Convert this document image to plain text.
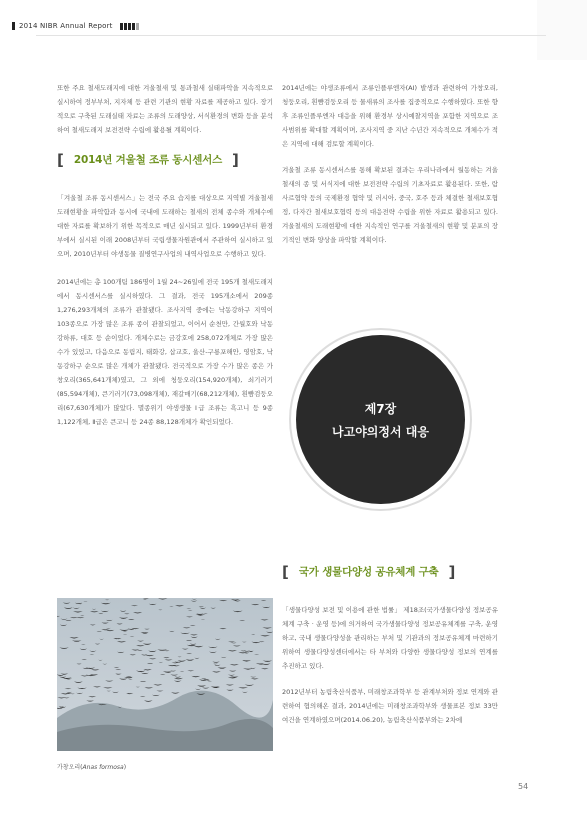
2014 NIBR Annual Report

또한 주요 철새도래지에 대한 겨울철새 및 통과철새 실태파악을 지속적으로 실시하여 정부부처, 지자체 등 관련 기관의 현황 자료를 제공하고 있다. 장기적으로 구축된 도래실태 자료는 조류의 도래양상, 서식환경의 변화 등을 분석하여 철새도래지 보전전략 수립에 활용될 계획이다.

[ 2014년 겨울철 조류 동시센서스 ]

「겨울철 조류 동시센서스」는 전국 주요 습지를 대상으로 지역별 겨울철새 도래현황을 파악함과 동시에 국내에 도래하는 철새의 전체 종수와 개체수에 대한 자료를 확보하기 위한 목적으로 매년 실시되고 있다. 1999년부터 환경부에서 실시된 이래 2008년부터 국립생물자원관에서 주관하여 실시하고 있으며, 2010년부터 야생동물 질병연구사업의 내역사업으로 수행하고 있다.

2014년에는 총 100개팀 186명이 1월 24~26일에 전국 195개 철새도래지에서 동시센서스를 실시하였다. 그 결과, 전국 195개소에서 209종 1,276,293개체의 조류가 관찰됐다. 조사지역 중에는 낙동강하구 지역이 103종으로 가장 많은 조류 종이 관찰되었고, 이어서 순천만, 간월호와 낙동강하류, 대호 등 순이었다. 개체수로는 금강호에 258,072개체로 가장 많은 수가 있었고, 다음으로 동림지, 태화강, 삽교호, 울산-구룡포해안, 영암호, 낙동강하구 순으로 많은 개체가 관찰됐다. 전국적으로 가장 수가 많은 종은 가창오리(365,641개체)였고, 그 외에 청둥오리(154,920개체), 쇠기러기(85,594개체), 큰기러기(73,098개체), 재갈매기(68,212개체), 흰뺨검둥오리(67,630개체)가 많았다. 멸종위기 야생생물 Ⅰ급 조류는 흑고니 등 9종 1,122개체, Ⅱ급은 큰고니 등 24종 88,128개체가 확인되었다.

2014년에는 야생조류에서 조류인플루엔자(AI) 발생과 관련하여 가창오리, 청둥오리, 흰뺨검둥오리 등 물새류의 조사를 집중적으로 수행하였다. 또한 향후 조류인플루엔자 대응을 위해 환경부 상시예찰지역을 포함한 지역으로 조사범위를 확대할 계획이며, 조사지역 중 지난 수년간 지속적으로 개체수가 적은 지역에 대해 검토할 계획이다.

겨울철 조류 동시센서스를 통해 확보된 결과는 우리나라에서 월동하는 겨울철새의 종 및 서식지에 대한 보전전략 수립의 기초자료로 활용된다. 또한, 람사르협약 등의 국제환경 협약 및 러시아, 중국, 호주 등과 체결한 철새보호협정, 다자간 철새보호협력 등의 대응전략 수립을 위한 자료로 활용되고 있다. 겨울철새의 도래현황에 대한 지속적인 연구를 겨울철새의 현황 및 분포의 장기적인 변화 양상을 파악할 계획이다.

제7장
나고야의정서 대응
[ 국가 생물다양성 공유체계 구축 ]

「생물다양성 보전 및 이용에 관한 법률」 제18조(국가생물다양성 정보공유체계 구축 · 운영 등)에 의거하여 국가생물다양성 정보공유체계를 구축, 운영하고, 국내 생물다양성을 관리하는 부처 및 기관과의 정보공유체계 마련하기 위하여 생물다양성센터에서는 타 부처와 다양한 생물다양성 정보의 연계를 추진하고 있다.

2012년부터 농림축산식품부, 미래창조과학부 등 관계부처와 정보 연계와 관련하여 협의해온 결과, 2014년에는 미래창조과학부와 생물표본 정보 33만여건을 연계하였으며(2014.06.20), 농림축산식품부와는 2차에

가창오리(Anas formosa)
54
